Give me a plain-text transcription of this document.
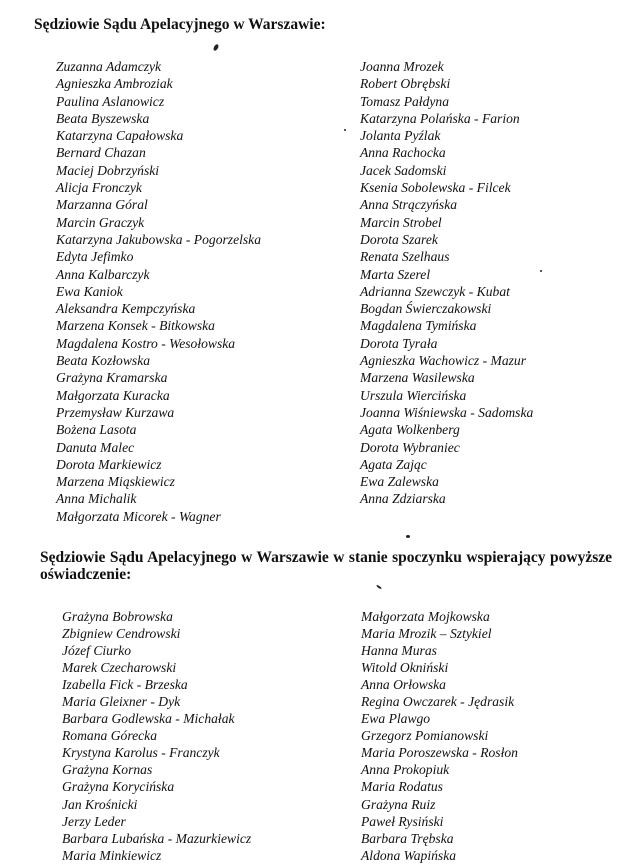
Sędziowie Sądu Apelacyjnego w Warszawie:
Zuzanna Adamczyk
Agnieszka Ambroziak
Paulina Aslanowicz
Beata Byszewska
Katarzyna Capałowska
Bernard Chazan
Maciej Dobrzyński
Alicja Fronczyk
Marzanna Góral
Marcin Graczyk
Katarzyna Jakubowska - Pogorzelska
Edyta Jefimko
Anna Kalbarczyk
Ewa Kaniok
Aleksandra Kempczyńska
Marzena Konsek - Bitkowska
Magdalena Kostro - Wesołowska
Beata Kozłowska
Grażyna Kramarska
Małgorzata Kuracka
Przemysław Kurzawa
Bożena Lasota
Danuta Malec
Dorota Markiewicz
Marzena Miąskiewicz
Anna Michalik
Małgorzata Micorek - Wagner
Joanna Mrozek
Robert Obrębski
Tomasz Pałdyna
Katarzyna Polańska - Farion
Jolanta Pyźlak
Anna Rachocka
Jacek Sadomski
Ksenia Sobolewska - Filcek
Anna Strączyńska
Marcin Strobel
Dorota Szarek
Renata Szelhaus
Marta Szerel
Adrianna Szewczyk - Kubat
Bogdan Świerczakowski
Magdalena Tymińska
Dorota Tyrała
Agnieszka Wachowicz - Mazur
Marzena Wasilewska
Urszula Wiercińska
Joanna Wiśniewska - Sadomska
Agata Wolkenberg
Dorota Wybraniec
Agata Zając
Ewa Zalewska
Anna Zdziarska
Sędziowie Sądu Apelacyjnego w Warszawie w stanie spoczynku wspierający powyższe oświadczenie:
Grażyna Bobrowska
Zbigniew Cendrowski
Józef Ciurko
Marek Czecharowski
Izabella Fick - Brzeska
Maria Gleixner - Dyk
Barbara Godlewska - Michałak
Romana Górecka
Krystyna Karolus - Franczyk
Grażyna Kornas
Grażyna Korycińska
Jan Krośnicki
Jerzy Leder
Barbara Lubańska - Mazurkiewicz
Maria Minkiewicz
Małgorzata Mojkowska
Maria Mrozik – Sztykiel
Hanna Muras
Witold Okniński
Anna Orłowska
Regina Owczarek - Jędrasik
Ewa Plawgo
Grzegorz Pomianowski
Maria Poroszewska - Rosłon
Anna Prokopiuk
Maria Rodatus
Grażyna Ruiz
Paweł Rysiński
Barbara Trębska
Aldona Wapińska
